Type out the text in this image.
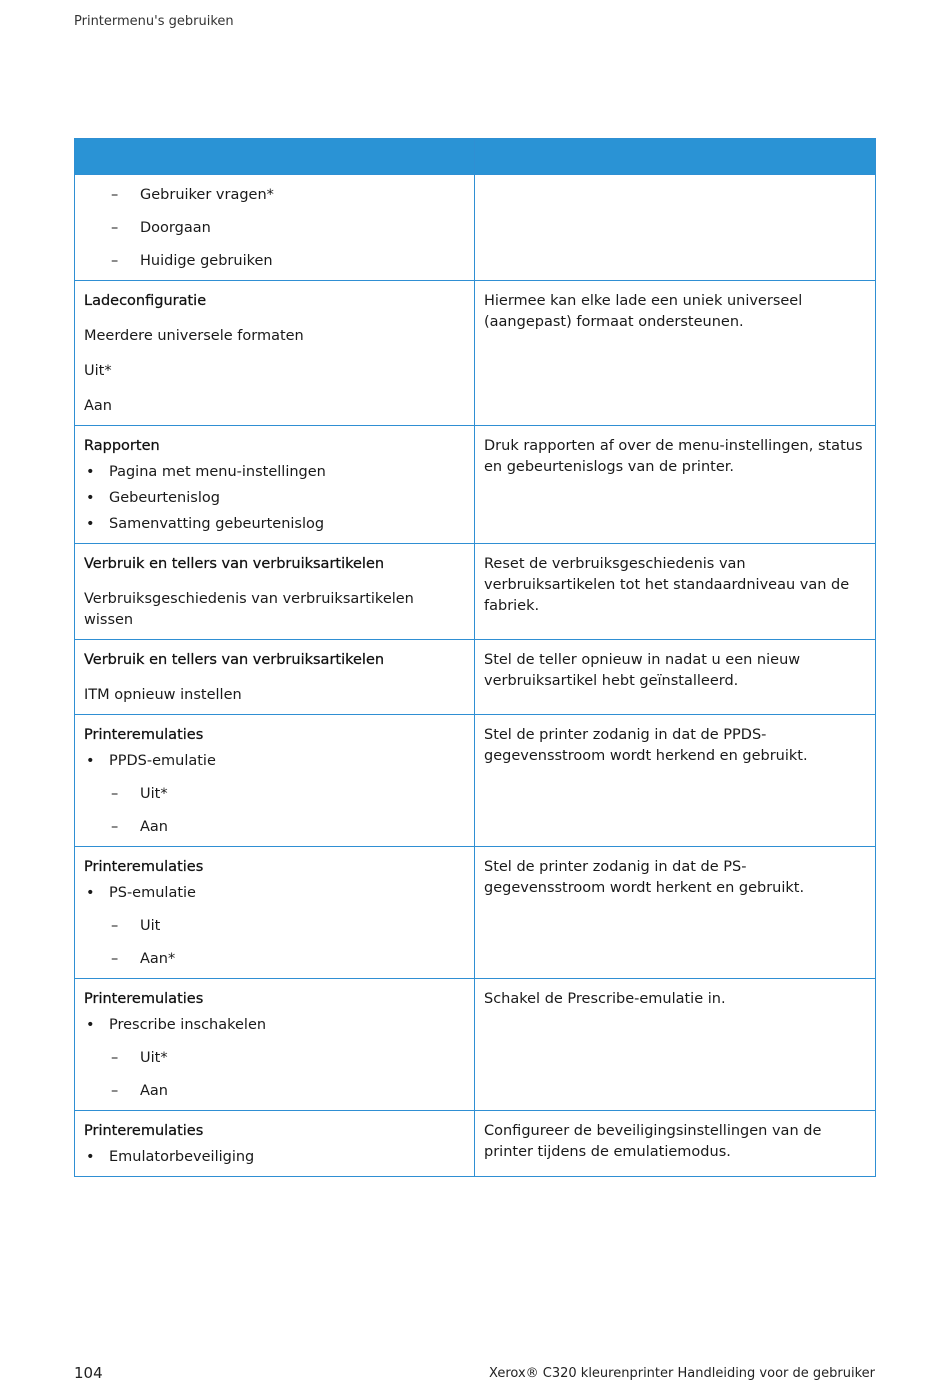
Printermenu's gebruiken

– Gebruiker vragen*
– Doorgaan
– Huidige gebruiken

Ladeconfiguratie
Meerdere universele formaten
Uit*
Aan	Hiermee kan elke lade een uniek universeel (aangepast) formaat ondersteunen.

Rapporten
• Pagina met menu-instellingen
• Gebeurtenislog
• Samenvatting gebeurtenislog	Druk rapporten af over de menu-instellingen, status en gebeurtenislogs van de printer.

Verbruik en tellers van verbruiksartikelen
Verbruiksgeschiedenis van verbruiksartikelen wissen	Reset de verbruiksgeschiedenis van verbruiksartikelen tot het standaardniveau van de fabriek.

Verbruik en tellers van verbruiksartikelen
ITM opnieuw instellen	Stel de teller opnieuw in nadat u een nieuw verbruiksartikel hebt geïnstalleerd.

Printeremulaties
• PPDS-emulatie
– Uit*
– Aan	Stel de printer zodanig in dat de PPDS-gegevensstroom wordt herkend en gebruikt.

Printeremulaties
• PS-emulatie
– Uit
– Aan*	Stel de printer zodanig in dat de PS-gegevensstroom wordt herkent en gebruikt.

Printeremulaties
• Prescribe inschakelen
– Uit*
– Aan	Schakel de Prescribe-emulatie in.

Printeremulaties
• Emulatorbeveiliging	Configureer de beveiligingsinstellingen van de printer tijdens de emulatiemodus.
104	Xerox® C320 kleurenprinter Handleiding voor de gebruiker
